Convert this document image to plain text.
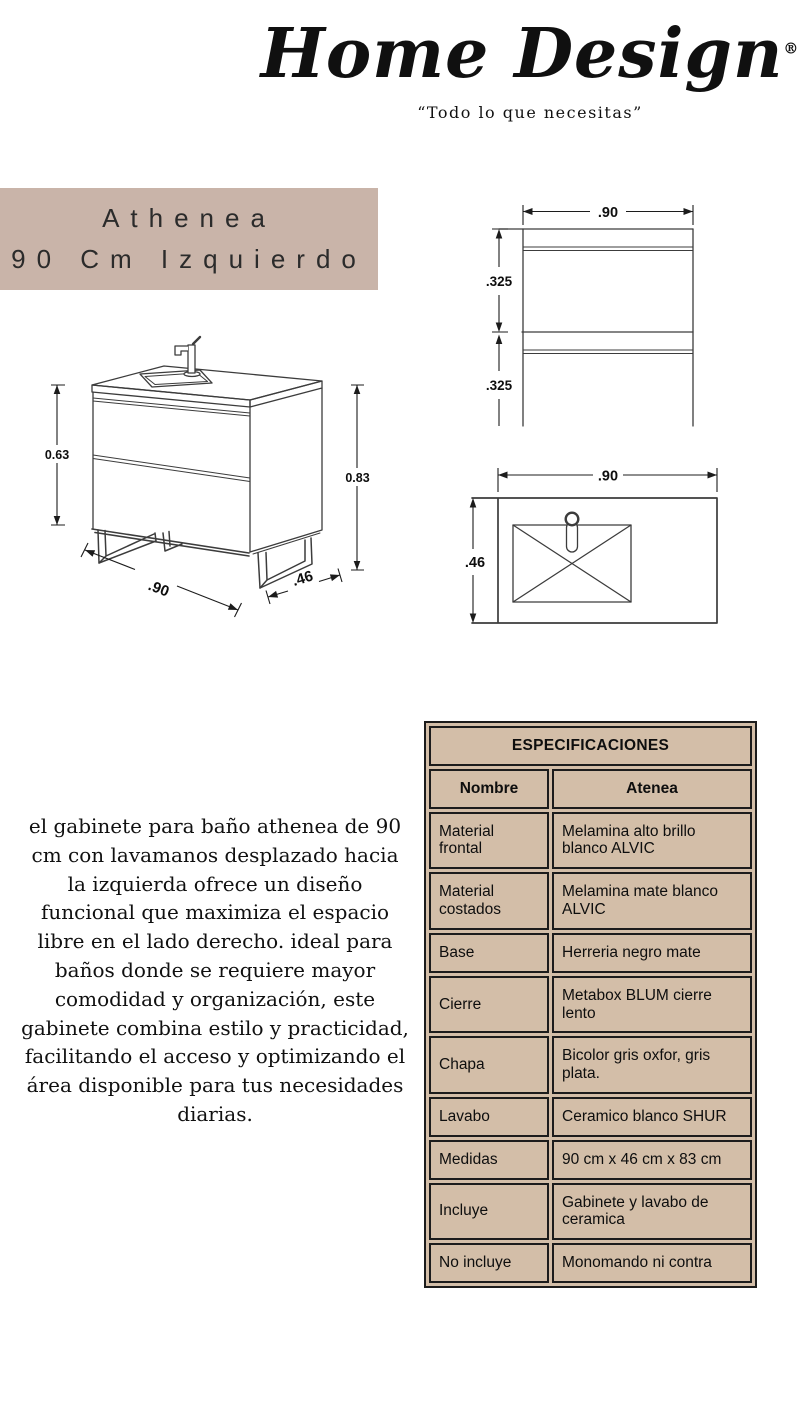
Home Design®
“Todo lo que necesitas”
Athenea
90 Cm Izquierdo
0.63
0.83
.90	.46
.90
.325
.325
.90
.46
el gabinete para baño athenea de 90 cm con lavamanos desplazado hacia la izquierda ofrece un diseño funcional que maximiza el espacio libre en el lado derecho. ideal para baños donde se requiere mayor comodidad y organización, este gabinete combina estilo y practicidad, facilitando el acceso y optimizando el área disponible para tus necesidades diarias.
ESPECIFICACIONES	
Nombre	Atenea
Material frontal	Melamina alto brillo blanco ALVIC
Material costados	Melamina mate blanco ALVIC
Base	Herreria negro mate
Cierre	Metabox BLUM cierre lento
Chapa	Bicolor gris oxfor, gris plata.
Lavabo	Ceramico blanco SHUR
Medidas	90 cm x 46 cm x 83 cm
Incluye	Gabinete y lavabo de ceramica
No incluye	Monomando ni contra
